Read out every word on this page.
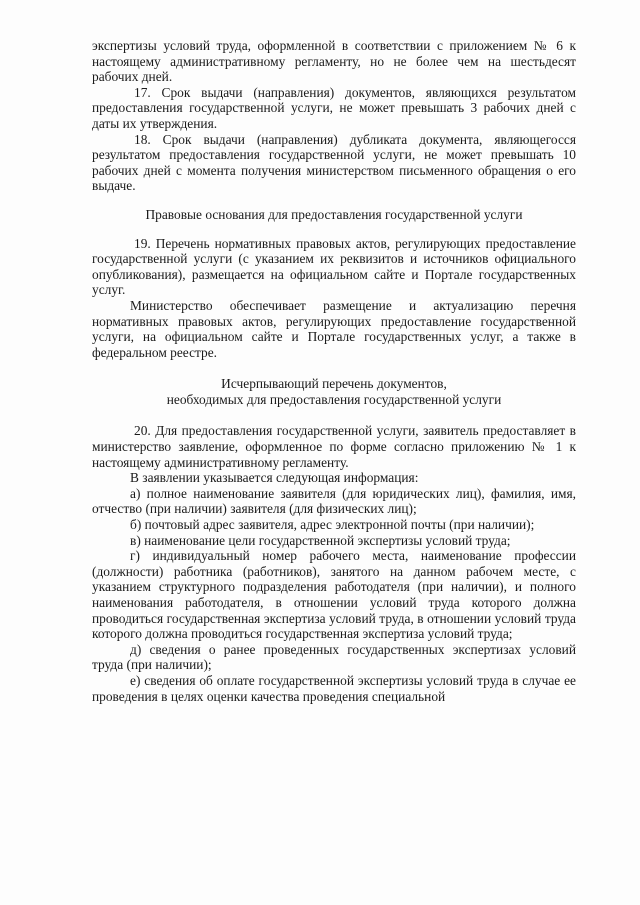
экспертизы условий труда, оформленной в соответствии с приложением № 6 к настоящему административному регламенту, но не более чем на шестьдесят рабочих дней.

17. Срок выдачи (направления) документов, являющихся результатом предоставления государственной услуги, не может превышать 3 рабочих дней с даты их утверждения.

18. Срок выдачи (направления) дубликата документа, являющегосся результатом предоставления государственной услуги, не может превышать 10 рабочих дней с момента получения министерством письменного обращения о его выдаче.

Правовые основания для предоставления государственной услуги

19. Перечень нормативных правовых актов, регулирующих предоставление государственной услуги (с указанием их реквизитов и источников официального опубликования), размещается на официальном сайте и Портале государственных услуг.

Министерство обеспечивает размещение и актуализацию перечня нормативных правовых актов, регулирующих предоставление государственной услуги, на официальном сайте и Портале государственных услуг, а также в федеральном реестре.

Исчерпывающий перечень документов,

необходимых для предоставления государственной услуги

20. Для предоставления государственной услуги, заявитель предоставляет в министерство заявление, оформленное по форме согласно приложению № 1 к настоящему административному регламенту.

В заявлении указывается следующая информация:

а) полное наименование заявителя (для юридических лиц), фамилия, имя, отчество (при наличии) заявителя (для физических лиц);

б) почтовый адрес заявителя, адрес электронной почты (при наличии);

в) наименование цели государственной экспертизы условий труда;

г) индивидуальный номер рабочего места, наименование профессии (должности) работника (работников), занятого на данном рабочем месте, с указанием структурного подразделения работодателя (при наличии), и полного наименования работодателя, в отношении условий труда которого должна проводиться государственная экспертиза условий труда, в отношении условий труда которого должна проводиться государственная экспертиза условий труда;

д) сведения о ранее проведенных государственных экспертизах условий труда (при наличии);

е) сведения об оплате государственной экспертизы условий труда в случае ее проведения в целях оценки качества проведения специальной
